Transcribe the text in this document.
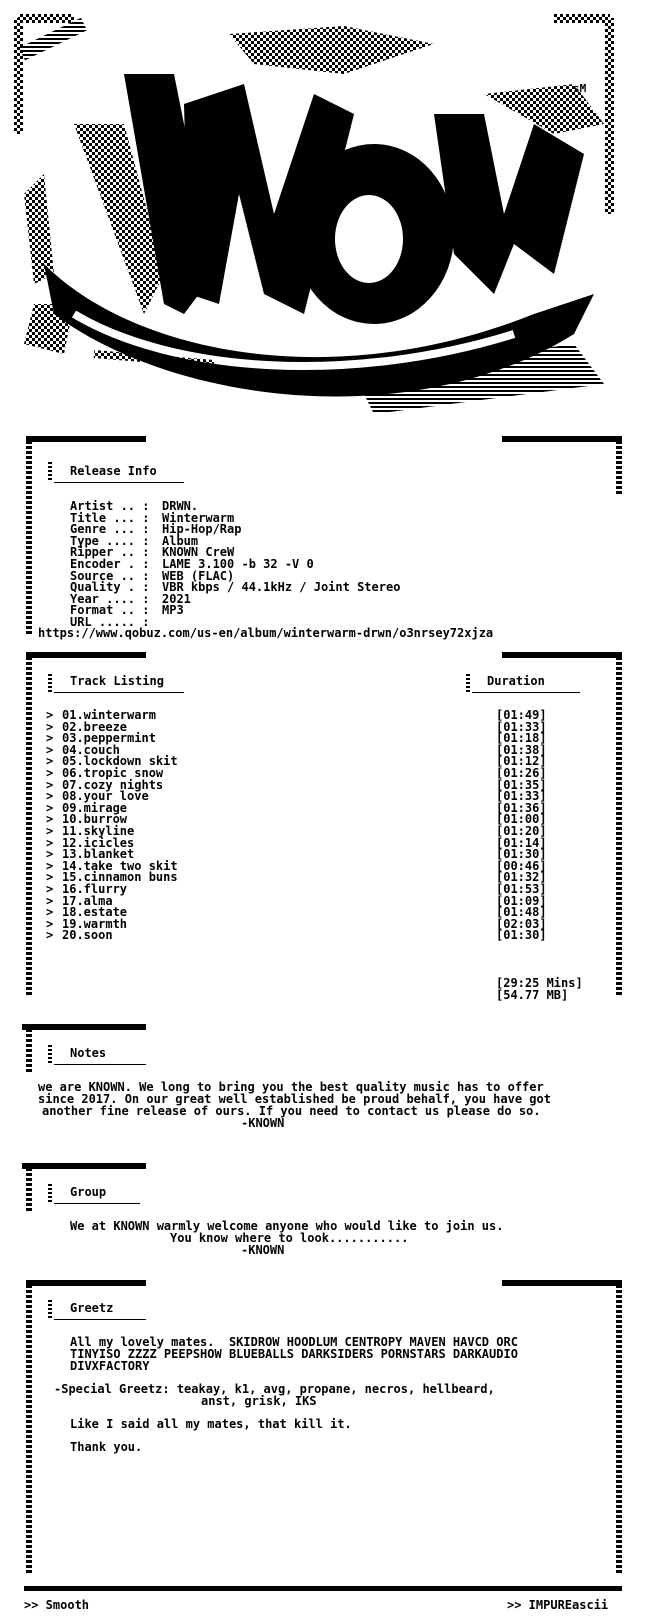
sM
Release Info
Artist .. : DRWN.
Title ... : Winterwarm
Genre ... : Hip-Hop/Rap
Type .... : Album
Ripper .. : KNOWN CreW
Encoder . : LAME 3.100 -b 32 -V 0
Source .. : WEB (FLAC)
Quality . : VBR kbps / 44.1kHz / Joint Stereo
Year .... : 2021
Format .. : MP3
URL ..... :
https://www.qobuz.com/us-en/album/winterwarm-drwn/o3nrsey72xjza
Track Listing	Duration
> 01.winterwarm	[01:49]
> 02.breeze	[01:33]
> 03.peppermint	[01:18]
> 04.couch	[01:38]
> 05.lockdown skit	[01:12]
> 06.tropic snow	[01:26]
> 07.cozy nights	[01:35]
> 08.your love	[01:33]
> 09.mirage	[01:36]
> 10.burrow	[01:00]
> 11.skyline	[01:20]
> 12.icicles	[01:14]
> 13.blanket	[01:30]
> 14.take two skit	[00:46]
> 15.cinnamon buns	[01:32]
> 16.flurry	[01:53]
> 17.alma	[01:09]
> 18.estate	[01:48]
> 19.warmth	[02:03]
> 20.soon	[01:30]
[29:25 Mins]
[54.77 MB]
Notes
we are KNOWN. We long to bring you the best quality music has to offer
since 2017. On our great well established be proud behalf, you have got
another fine release of ours. If you need to contact us please do so.
-KNOWN
Group
We at KNOWN warmly welcome anyone who would like to join us.
You know where to look...........
-KNOWN
Greetz
All my lovely mates.  SKIDROW HOODLUM CENTROPY MAVEN HAVCD ORC
TINYISO ZZZZ PEEPSHOW BLUEBALLS DARKSIDERS PORNSTARS DARKAUDIO
DIVXFACTORY
-Special Greetz: teakay, k1, avg, propane, necros, hellbeard,
anst, grisk, IKS
Like I said all my mates, that kill it.
Thank you.
>> Smooth	>> IMPUREascii
